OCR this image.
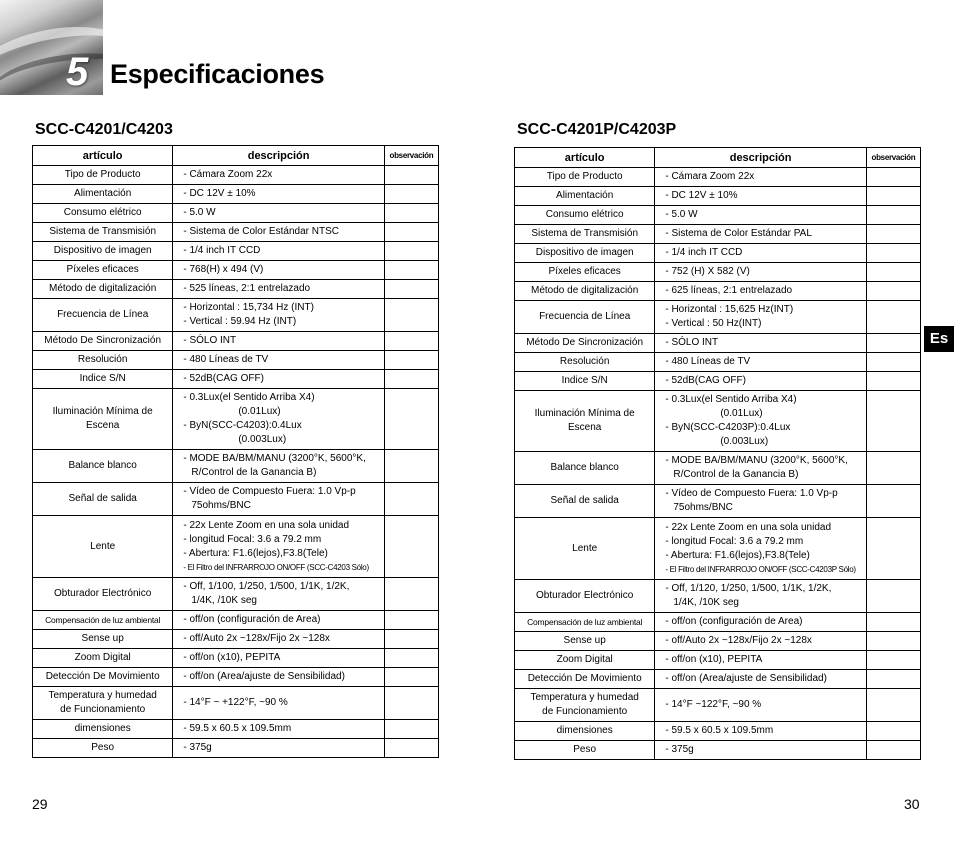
5 Especificaciones
SCC-C4201/C4203	SCC-C4201P/C4203P
artículo	descripción	observación

Tipo de Producto	- Cámara Zoom 22x	

Alimentación	- DC 12V ± 10%	

Consumo elétrico	- 5.0 W	

Sistema de Transmisión	- Sistema de Color Estándar NTSC	

Dispositivo de imagen	- 1/4 inch IT CCD	

Píxeles eficaces	- 768(H) x 494 (V)	

Método de digitalización	- 525 líneas, 2:1 entrelazado	

Frecuencia de Línea	- Horizontal : 15,734 Hz (INT)
- Vertical : 59.94 Hz (INT)	

Método De Sincronización	- SÓLO INT	

Resolución	- 480 Líneas de TV	

Indice S/N	- 52dB(CAG OFF)	

Iluminación Mínima de
Escena	- 0.3Lux(el Sentido Arriba X4)
(0.01Lux)
- ByN(SCC-C4203):0.4Lux
(0.003Lux)	

Balance blanco	- MODE BA/BM/MANU (3200°K, 5600°K,
R/Control de la Ganancia B)	

Señal de salida	- Vídeo de Compuesto Fuera: 1.0 Vp-p
75ohms/BNC	

Lente	- 22x Lente Zoom en una sola unidad
- longitud Focal: 3.6 a 79.2 mm
- Abertura: F1.6(lejos),F3.8(Tele)
- El Filtro del INFRARROJO ON/OFF (SCC-C4203 Sólo)	

Obturador Electrónico	- Off, 1/100, 1/250, 1/500, 1/1K, 1/2K,
1/4K, /10K seg	

Compensación de luz ambiental	- off/on (configuración de Area)	

Sense up	- off/Auto 2x ~128x/Fijo 2x ~128x	

Zoom Digital	- off/on (x10), PEPITA	

Detección De Movimiento	- off/on (Area/ajuste de Sensibilidad)	

Temperatura y humedad
de Funcionamiento	- 14°F ~ +122°F, ~90 %	

dimensiones	- 59.5 x 60.5 x 109.5mm	

Peso	- 375g	

artículo	descripción	observación

Tipo de Producto	- Cámara Zoom 22x	

Alimentación	- DC 12V ± 10%	

Consumo elétrico	- 5.0 W	

Sistema de Transmisión	- Sistema de Color Estándar PAL	

Dispositivo de imagen	- 1/4 inch IT CCD	

Píxeles eficaces	- 752 (H) X 582 (V)	

Método de digitalización	- 625 líneas, 2:1 entrelazado	

Frecuencia de Línea	- Horizontal : 15,625 Hz(INT)
- Vertical : 50 Hz(INT)	

Método De Sincronización	- SÓLO INT	

Resolución	- 480 Líneas de TV	

Indice S/N	- 52dB(CAG OFF)	

Iluminación Mínima de
Escena	- 0.3Lux(el Sentido Arriba X4)
(0.01Lux)
- ByN(SCC-C4203P):0.4Lux
(0.003Lux)	

Balance blanco	- MODE BA/BM/MANU (3200°K, 5600°K,
R/Control de la Ganancia B)	

Señal de salida	- Vídeo de Compuesto Fuera: 1.0 Vp-p
75ohms/BNC	

Lente	- 22x Lente Zoom en una sola unidad
- longitud Focal: 3.6 a 79.2 mm
- Abertura: F1.6(lejos),F3.8(Tele)
- El Filtro del INFRARROJO ON/OFF (SCC-C4203P Sólo)	

Obturador Electrónico	- Off, 1/120, 1/250, 1/500, 1/1K, 1/2K,
1/4K, /10K seg	

Compensación de luz ambiental	- off/on (configuración de Area)	

Sense up	- off/Auto 2x ~128x/Fijo 2x ~128x	

Zoom Digital	- off/on (x10), PEPITA	

Detección De Movimiento	- off/on (Area/ajuste de Sensibilidad)	

Temperatura y humedad
de Funcionamiento	- 14°F ~122°F, ~90 %	

dimensiones	- 59.5 x 60.5 x 109.5mm	

Peso	- 375g	

Es
29	30
